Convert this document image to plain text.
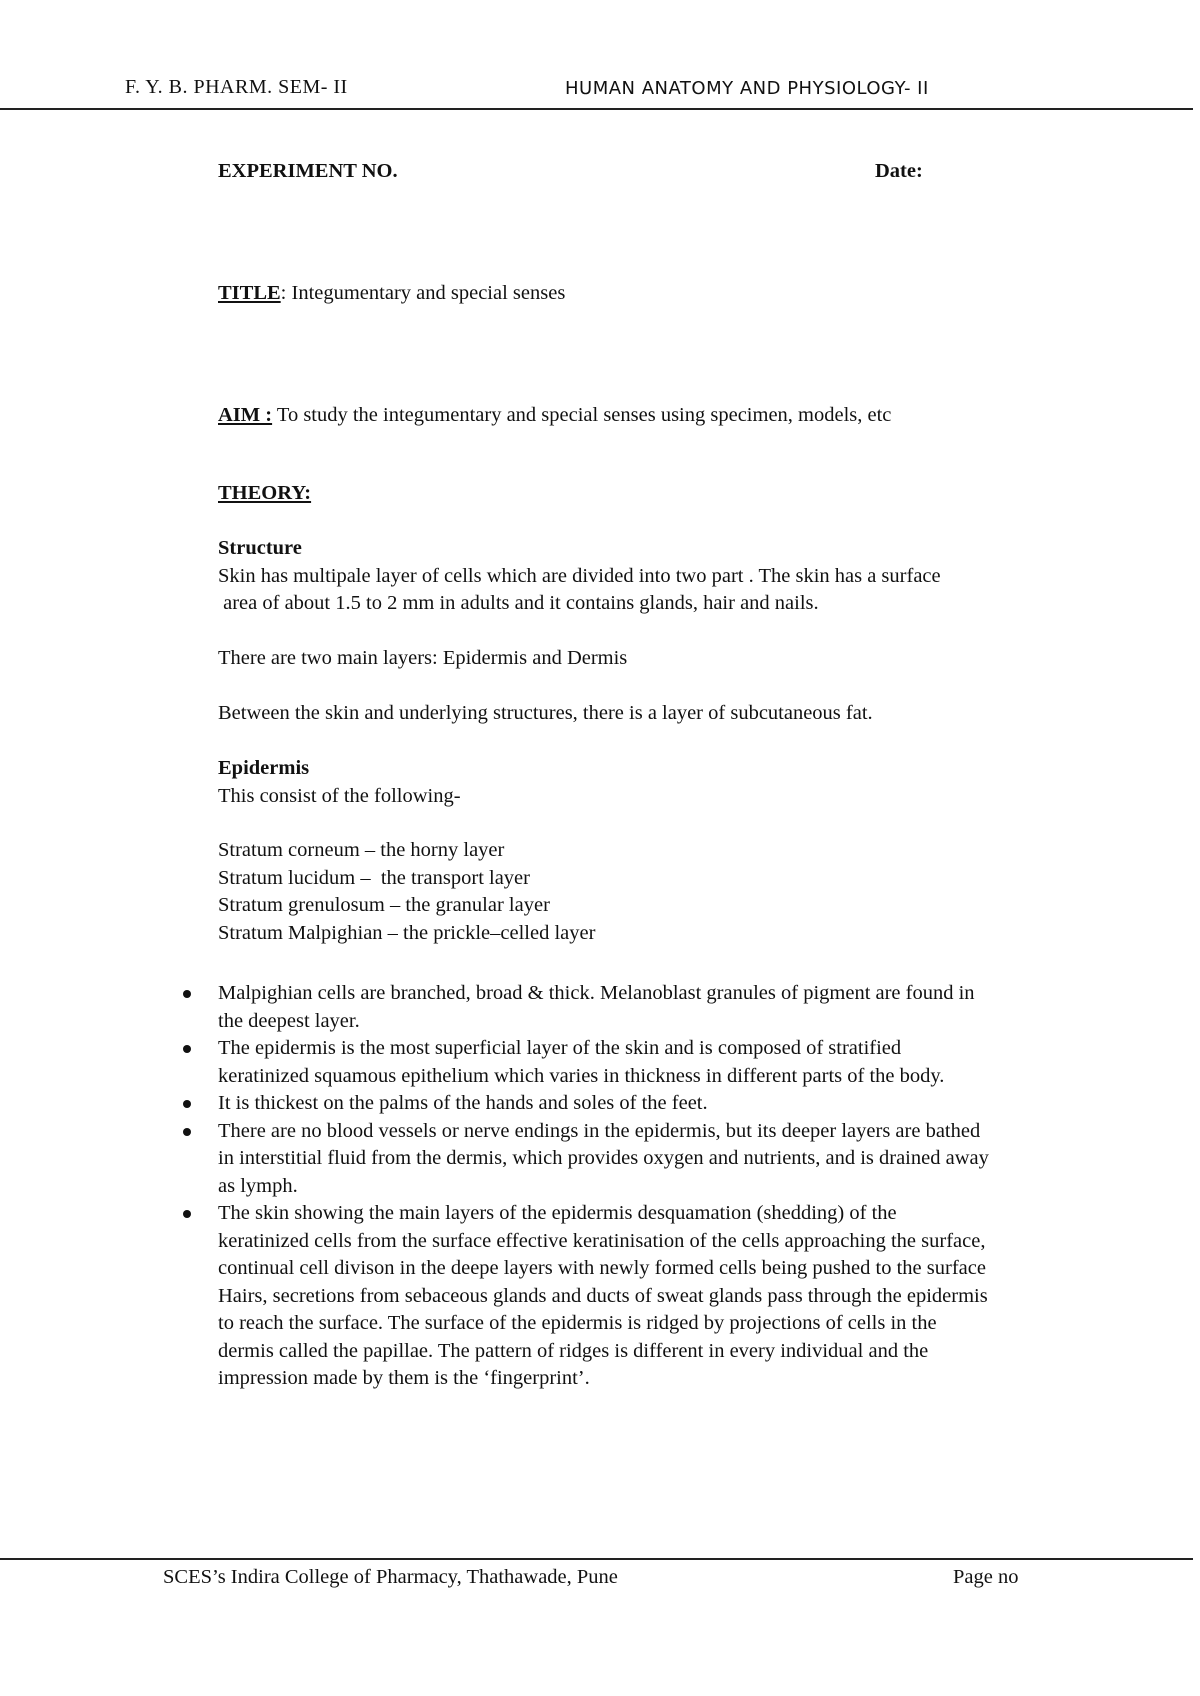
F. Y. B. PHARM. SEM- II	HUMAN ANATOMY AND PHYSIOLOGY- II
EXPERIMENT NO.	Date:
TITLE: Integumentary and special senses
AIM : To study the integumentary and special senses using specimen, models, etc
THEORY:

Structure

Skin has multipale layer of cells which are divided into two part . The skin has a surface

area of about 1.5 to 2 mm in adults and it contains glands, hair and nails.

There are two main layers: Epidermis and Dermis

Between the skin and underlying structures, there is a layer of subcutaneous fat.

Epidermis

This consist of the following-

Stratum corneum – the horny layer

Stratum lucidum –  the transport layer

Stratum grenulosum – the granular layer

Stratum Malpighian – the prickle–celled layer

Malpighian cells are branched, broad & thick. Melanoblast granules of pigment are found in
the deepest layer.
The epidermis is the most superficial layer of the skin and is composed of stratified
keratinized squamous epithelium which varies in thickness in different parts of the body.
It is thickest on the palms of the hands and soles of the feet.
There are no blood vessels or nerve endings in the epidermis, but its deeper layers are bathed
in interstitial fluid from the dermis, which provides oxygen and nutrients, and is drained away
as lymph.
The skin showing the main layers of the epidermis desquamation (shedding) of the
keratinized cells from the surface effective keratinisation of the cells approaching the surface,
continual cell divison in the deepe layers with newly formed cells being pushed to the surface
Hairs, secretions from sebaceous glands and ducts of sweat glands pass through the epidermis
to reach the surface. The surface of the epidermis is ridged by projections of cells in the
dermis called the papillae. The pattern of ridges is different in every individual and the
impression made by them is the ‘fingerprint’.
SCES’s Indira College of Pharmacy, Thathawade, Pune	Page no
